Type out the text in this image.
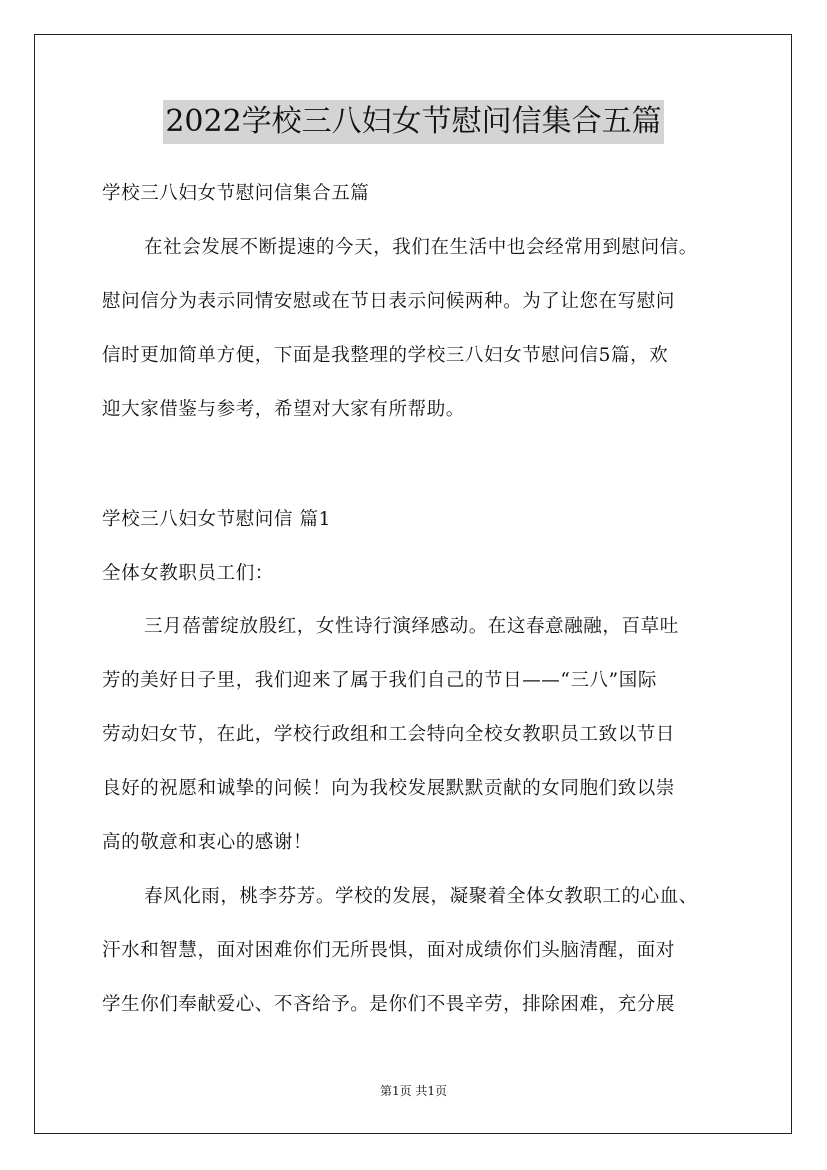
2022学校三八妇女节慰问信集合五篇
学校三八妇女节慰问信集合五篇
在社会发展不断提速的今天，我们在生活中也会经常用到慰问信。
慰问信分为表示同情安慰或在节日表示问候两种。为了让您在写慰问
信时更加简单方便，下面是我整理的学校三八妇女节慰问信5篇，欢
迎大家借鉴与参考，希望对大家有所帮助。
学校三八妇女节慰问信 篇1
全体女教职员工们：
三月蓓蕾绽放殷红，女性诗行演绎感动。在这春意融融，百草吐
芳的美好日子里，我们迎来了属于我们自己的节日——“三八”国际
劳动妇女节，在此，学校行政组和工会特向全校女教职员工致以节日
良好的祝愿和诚挚的问候！向为我校发展默默贡献的女同胞们致以崇
高的敬意和衷心的感谢！
春风化雨，桃李芬芳。学校的发展，凝聚着全体女教职工的心血、
汗水和智慧，面对困难你们无所畏惧，面对成绩你们头脑清醒，面对
学生你们奉献爱心、不吝给予。是你们不畏辛劳，排除困难，充分展
第1页 共1页
